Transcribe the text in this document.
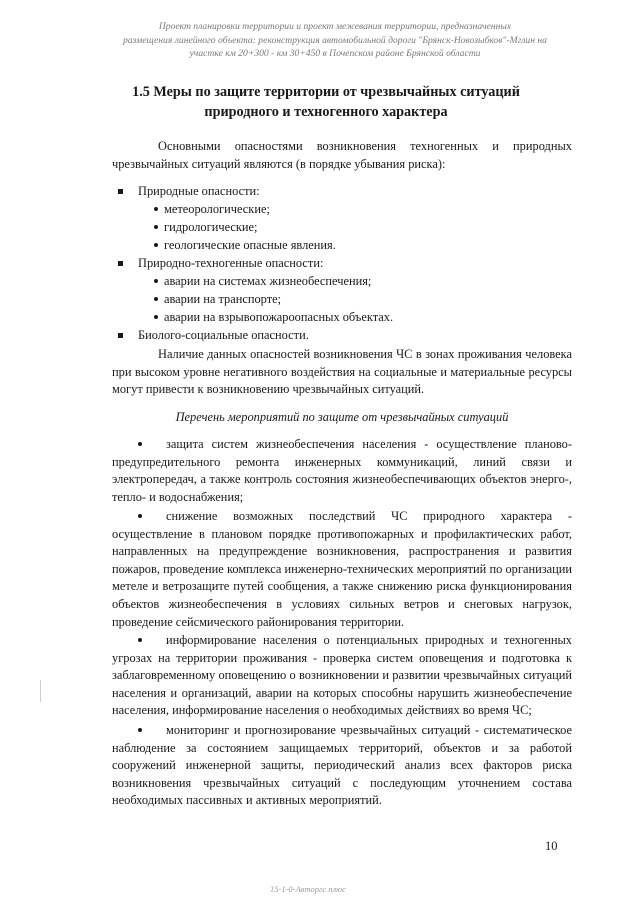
Проект планировки территории и проект межевания территории, предназначенных
размещения линейного объекта: реконструкция автомобильной дороги "Брянск-Новозыбков"-Мглин на
участке км 20+300 - км 30+450 в Почепском районе Брянской области
1.5 Меры по защите территории от чрезвычайных ситуаций
природного и техногенного характера
Основными опасностями возникновения техногенных и природных чрезвычайных ситуаций являются (в порядке убывания риска):
Природные опасности:
метеорологические;
гидрологические;
геологические опасные явления.
Природно-техногенные опасности:
аварии на системах жизнеобеспечения;
аварии на транспорте;
аварии на взрывопожароопасных объектах.
Биолого-социальные опасности.
Наличие данных опасностей возникновения ЧС в зонах проживания человека при высоком уровне негативного воздействия на социальные и материальные ресурсы могут привести к возникновению чрезвычайных ситуаций.
Перечень мероприятий по защите от чрезвычайных ситуаций
защита систем жизнеобеспечения населения - осуществление планово-предупредительного ремонта инженерных коммуникаций, линий связи и электропередач, а также контроль состояния жизнеобеспечивающих объектов энерго-, тепло- и водоснабжения;
снижение возможных последствий ЧС природного характера - осуществление в плановом порядке противопожарных и профилактических работ, направленных на предупреждение возникновения, распространения и развития пожаров, проведение комплекса инженерно-технических мероприятий по организации метеле и ветрозащите путей сообщения, а также снижению риска функционирования объектов жизнеобеспечения в условиях сильных ветров и снеговых нагрузок, проведение сейсмического районирования территории.
информирование населения о потенциальных природных и техногенных угрозах на территории проживания - проверка систем оповещения и подготовка к заблаговременному оповещению о возникновении и развитии чрезвычайных ситуаций населения и организаций, аварии на которых способны нарушить жизнеобеспечение населения, информирование населения о необходимых действиях во время ЧС;
мониторинг и прогнозирование чрезвычайных ситуаций - систематическое наблюдение за состоянием защищаемых территорий, объектов и за работой сооружений инженерной защиты, периодический анализ всех факторов риска возникновения чрезвычайных ситуаций с последующим уточнением состава необходимых пассивных и активных мероприятий.
10
15-1-0-Авторгс плюс
